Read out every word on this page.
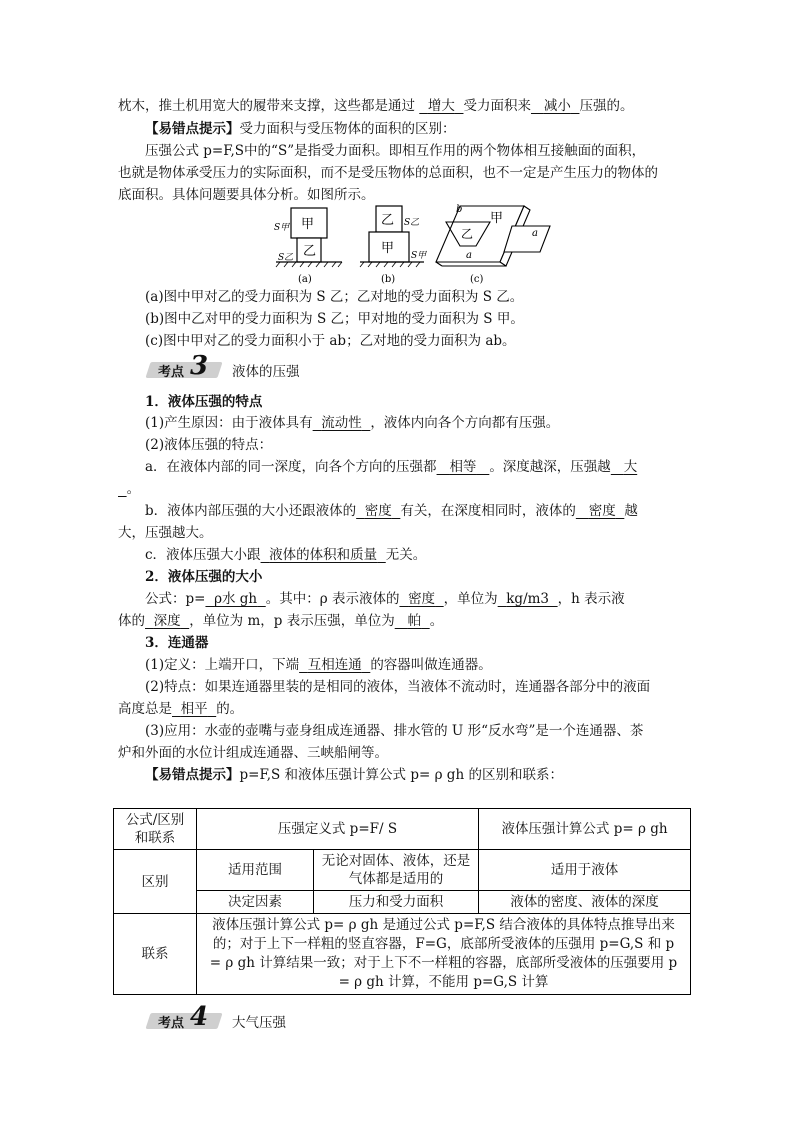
枕木，推土机用宽大的履带来支撑，这些都是通过 增大 受力面积来 减小 压强的。
【易错点提示】受力面积与受压物体的面积的区别：
压强公式 p=F,S中的“S”是指受力面积。即相互作用的两个物体相互接触面的面积，
也就是物体承受压力的实际面积，而不是受压物体的总面积，也不一定是产生压力的物体的
底面积。具体问题要具体分析。如图所示。
甲
乙
S甲
S乙
(a)
乙 S乙
甲 S甲
(b)
乙
甲
b
a
a
(c)
(a)图中甲对乙的受力面积为 S 乙；乙对地的受力面积为 S 乙。
(b)图中乙对甲的受力面积为 S 乙；甲对地的受力面积为 S 甲。
(c)图中甲对乙的受力面积小于 ab；乙对地的受力面积为 ab。
考点 3 液体的压强
1．液体压强的特点
(1)产生原因：由于液体具有 流动性 ，液体内向各个方向都有压强。
(2)液体压强的特点：
a．在液体内部的同一深度，向各个方向的压强都 相等 。深度越深，压强越 大
。
b．液体内部压强的大小还跟液体的 密度 有关，在深度相同时，液体的 密度 越
大，压强越大。
c．液体压强大小跟 液体的体积和质量 无关。
2．液体压强的大小
公式：p= ρ水 gh 。其中：ρ 表示液体的 密度 ，单位为 kg/m3 ，h 表示液
体的 深度 ，单位为 m，p 表示压强，单位为 帕 。
3．连通器
(1)定义：上端开口，下端 互相连通 的容器叫做连通器。
(2)特点：如果连通器里装的是相同的液体，当液体不流动时，连通器各部分中的液面
高度总是 相平 的。
(3)应用：水壶的壶嘴与壶身组成连通器、排水管的 U 形“反水弯”是一个连通器、茶
炉和外面的水位计组成连通器、三峡船闸等。
【易错点提示】p=F,S 和液体压强计算公式 p= ρ gh 的区别和联系：
公式/区别
和联系	压强定义式 p=F/ S		液体压强计算公式 p= ρ gh
区别	适用范围	无论对固体、液体，还是
气体都是适用的	适用于液体
	决定因素	压力和受力面积	液体的密度、液体的深度
联系	液体压强计算公式 p= ρ gh 是通过公式 p=F,S 结合液体的具体特点推导出来
的；对于上下一样粗的竖直容器，F=G，底部所受液体的压强用 p=G,S 和 p
= ρ gh 计算结果一致；对于上下不一样粗的容器，底部所受液体的压强要用 p
= ρ gh 计算，不能用 p=G,S 计算		
考点 4 大气压强
